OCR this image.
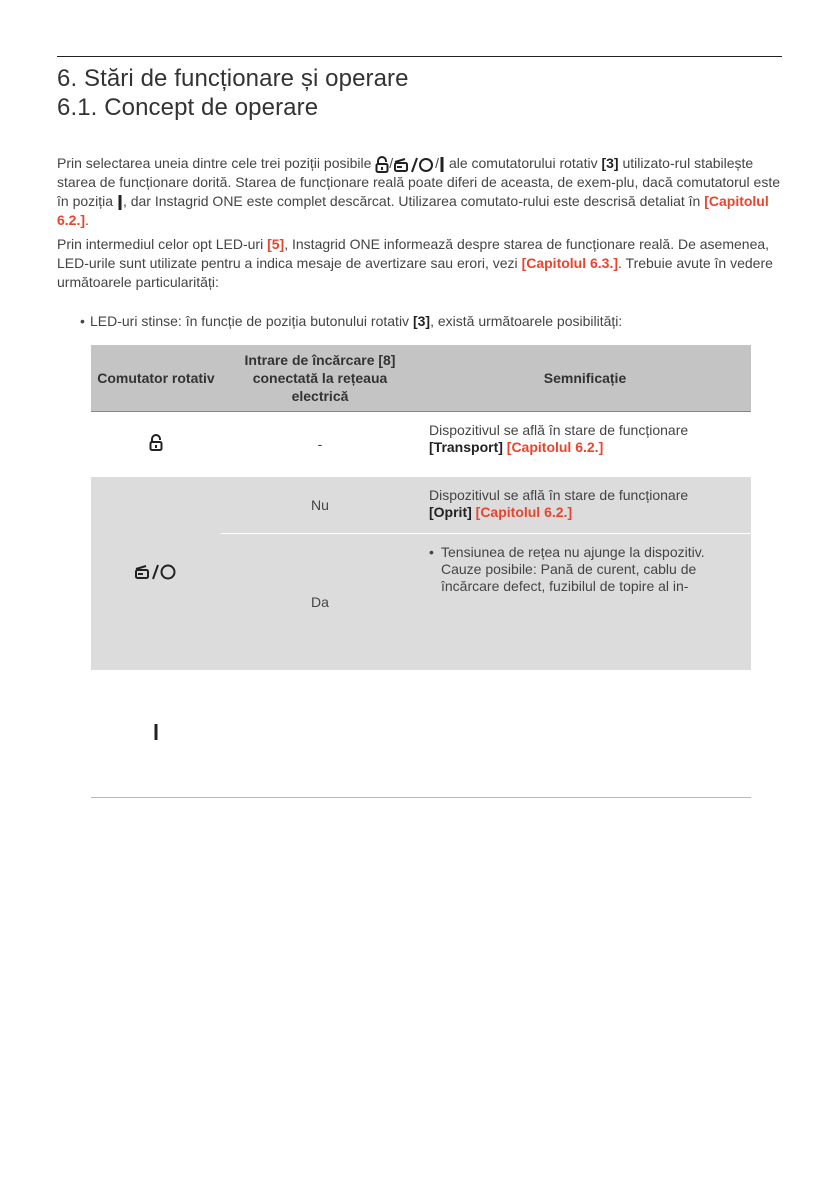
6. Stări de funcționare și operare
6.1. Concept de operare

Prin selectarea uneia dintre cele trei poziții posibile /	/ ale comutatorului rotativ [3] utilizato-rul stabilește starea de funcționare dorită. Starea de funcționare reală poate diferi de aceasta, de exem-plu, dacă comutatorul este în poziția , dar Instagrid ONE este complet descărcat. Utilizarea comutato-rului este descrisă detaliat în [Capitolul 6.2.].

Prin intermediul celor opt LED-uri [5], Instagrid ONE informează despre starea de funcționare reală. De asemenea, LED-urile sunt utilizate pentru a indica mesaje de avertizare sau erori, vezi [Capitolul 6.3.]. Trebuie avute în vedere următoarele particularități:

• LED-uri stinse: în funcție de poziția butonului rotativ [3], există următoarele posibilități:
Comutator rotativ	Intrare de încărcare [8] conectată la rețeaua electrică	Semnificație
	-	Dispozitivul se află în stare de funcționare
[Transport] [Capitolul 6.2.]
	Nu	Dispozitivul se află în stare de funcționare
[Oprit] [Capitolul 6.2.]
	Da	• Tensiunea de rețea nu ajunge la dispozitiv. Cauze posibile: Pană de curent, cablu de încărcare defect, fuzibilul de topire al in-
